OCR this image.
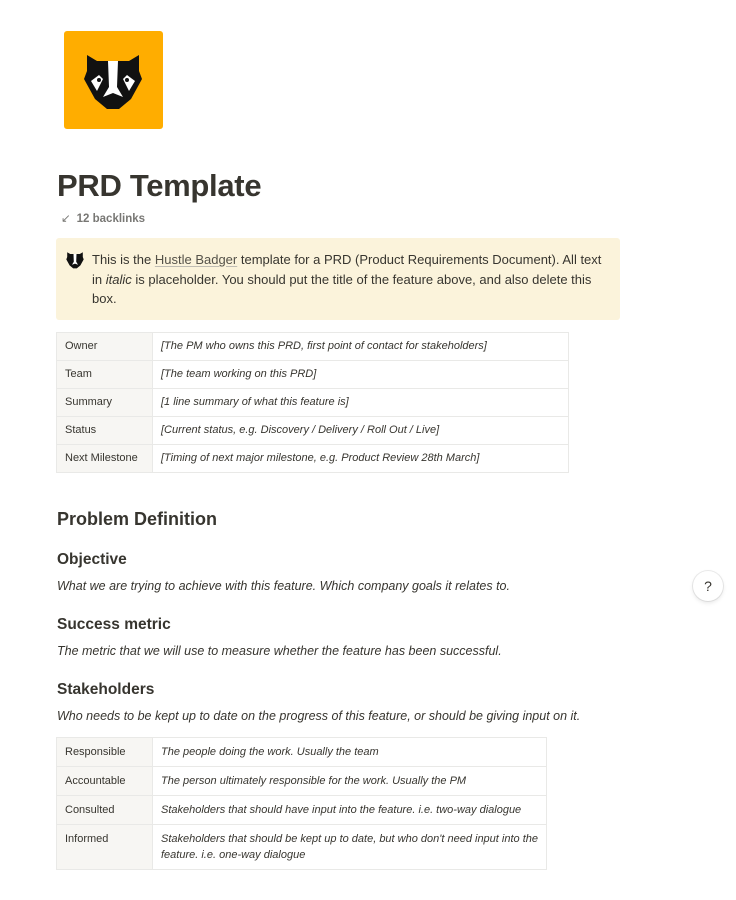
PRD Template
↙ 12 backlinks
This is the Hustle Badger template for a PRD (Product Requirements Document). All text in italic is placeholder. You should put the title of the feature above, and also delete this box.
Owner	[The PM who owns this PRD, first point of contact for stakeholders]
Team	[The team working on this PRD]
Summary	[1 line summary of what this feature is]
Status	[Current status, e.g. Discovery / Delivery / Roll Out / Live]
Next Milestone	[Timing of next major milestone, e.g. Product Review 28th March]
Problem Definition
Objective
What we are trying to achieve with this feature. Which company goals it relates to.
Success metric
The metric that we will use to measure whether the feature has been successful.
Stakeholders
Who needs to be kept up to date on the progress of this feature, or should be giving input on it.
Responsible	The people doing the work. Usually the team
Accountable	The person ultimately responsible for the work. Usually the PM
Consulted	Stakeholders that should have input into the feature. i.e. two-way dialogue
Informed	Stakeholders that should be kept up to date, but who don't need input into the feature. i.e. one-way dialogue
?
